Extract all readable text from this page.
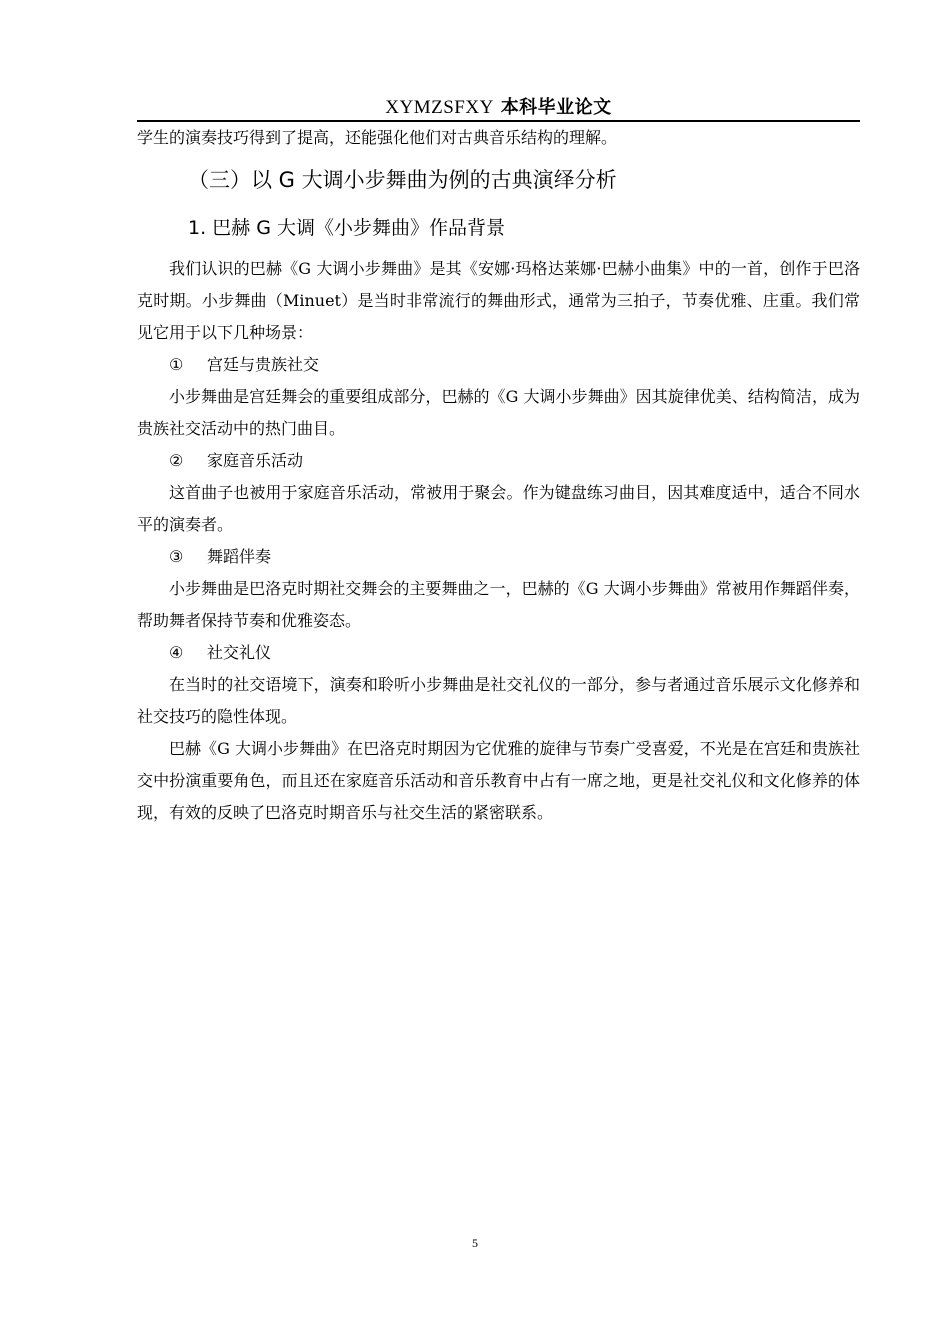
XYMZSFXY 本科毕业论文

学生的演奏技巧得到了提高，还能强化他们对古典音乐结构的理解。

（三）以 G 大调小步舞曲为例的古典演绎分析
1. 巴赫 G 大调《小步舞曲》作品背景

我们认识的巴赫《G 大调小步舞曲》是其《安娜·玛格达莱娜·巴赫小曲集》中的一首，创作于巴洛克时期。小步舞曲（Minuet）是当时非常流行的舞曲形式，通常为三拍子，节奏优雅、庄重。我们常见它用于以下几种场景：

① 宫廷与贵族社交

小步舞曲是宫廷舞会的重要组成部分，巴赫的《G 大调小步舞曲》因其旋律优美、结构简洁，成为贵族社交活动中的热门曲目。

② 家庭音乐活动

这首曲子也被用于家庭音乐活动，常被用于聚会。作为键盘练习曲目，因其难度适中，适合不同水平的演奏者。

③ 舞蹈伴奏

小步舞曲是巴洛克时期社交舞会的主要舞曲之一，巴赫的《G 大调小步舞曲》常被用作舞蹈伴奏，帮助舞者保持节奏和优雅姿态。

④ 社交礼仪

在当时的社交语境下，演奏和聆听小步舞曲是社交礼仪的一部分，参与者通过音乐展示文化修养和社交技巧的隐性体现。

巴赫《G 大调小步舞曲》在巴洛克时期因为它优雅的旋律与节奏广受喜爱，不光是在宫廷和贵族社交中扮演重要角色，而且还在家庭音乐活动和音乐教育中占有一席之地，更是社交礼仪和文化修养的体现，有效的反映了巴洛克时期音乐与社交生活的紧密联系。

5
